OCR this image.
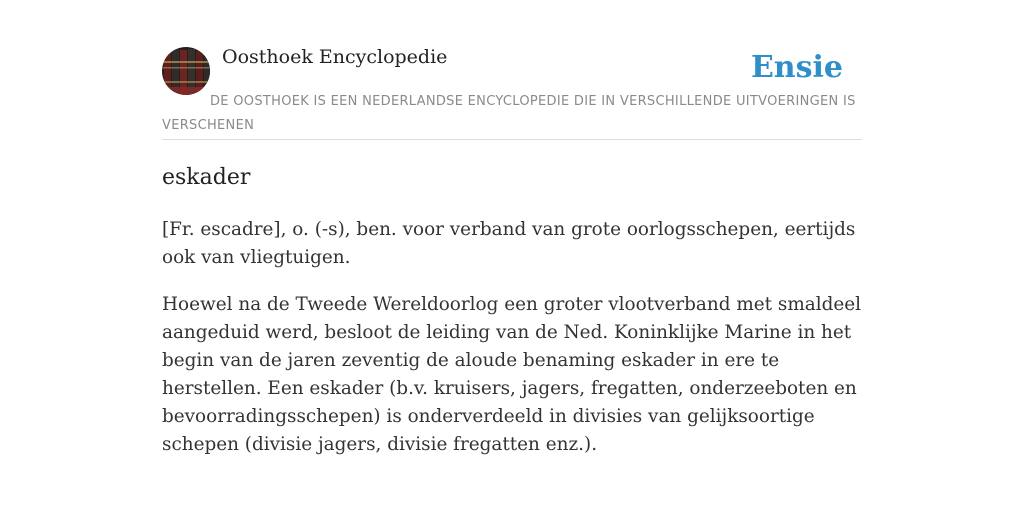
Oosthoek Encyclopedie	Ensie
DE OOSTHOEK IS EEN NEDERLANDSE ENCYCLOPEDIE DIE IN VERSCHILLENDE UITVOERINGEN IS VERSCHENEN
eskader

[Fr. escadre], o. (-s), ben. voor verband van grote oorlogsschepen, eertijds ook van vliegtuigen.

Hoewel na de Tweede Wereldoorlog een groter vlootverband met smaldeel aangeduid werd, besloot de leiding van de Ned. Koninklijke Marine in het begin van de jaren zeventig de aloude benaming eskader in ere te herstellen. Een eskader (b.v. kruisers, jagers, fregatten, onderzeeboten en bevoorradingsschepen) is onderverdeeld in divisies van gelijksoortige schepen (divisie jagers, divisie fregatten enz.).
